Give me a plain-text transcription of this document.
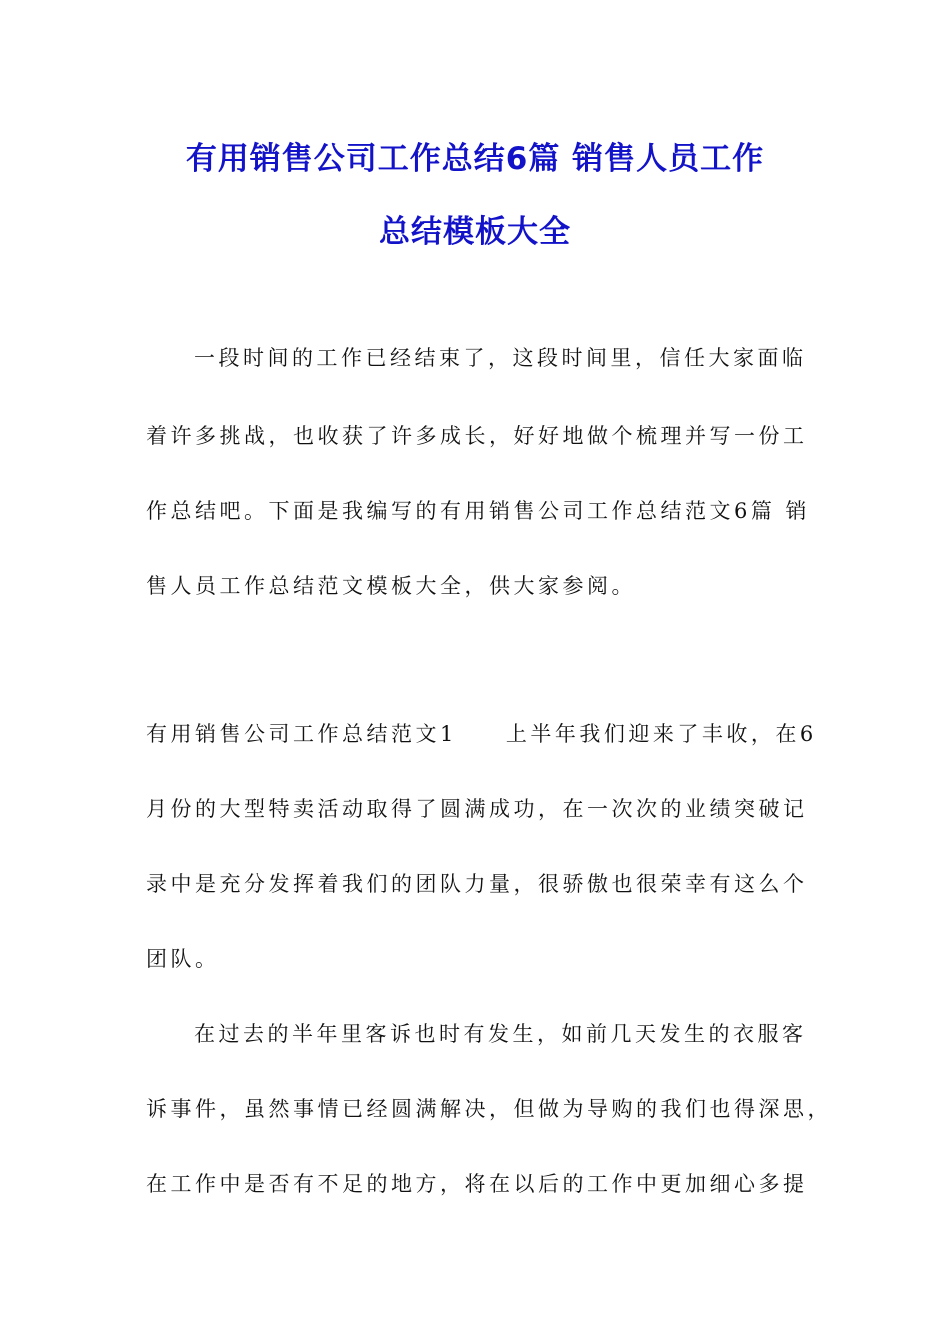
有用销售公司工作总结6篇 销售人员工作
总结模板大全
一段时间的工作已经结束了，这段时间里，信任大家面临
着许多挑战，也收获了许多成长，好好地做个梳理并写一份工
作总结吧。下面是我编写的有用销售公司工作总结范文6篇 销
售人员工作总结范文模板大全，供大家参阅。
有用销售公司工作总结范文1　　上半年我们迎来了丰收，在6
月份的大型特卖活动取得了圆满成功，在一次次的业绩突破记
录中是充分发挥着我们的团队力量，很骄傲也很荣幸有这么个
团队。
在过去的半年里客诉也时有发生，如前几天发生的衣服客
诉事件，虽然事情已经圆满解决，但做为导购的我们也得深思，
在工作中是否有不足的地方，将在以后的工作中更加细心多提
